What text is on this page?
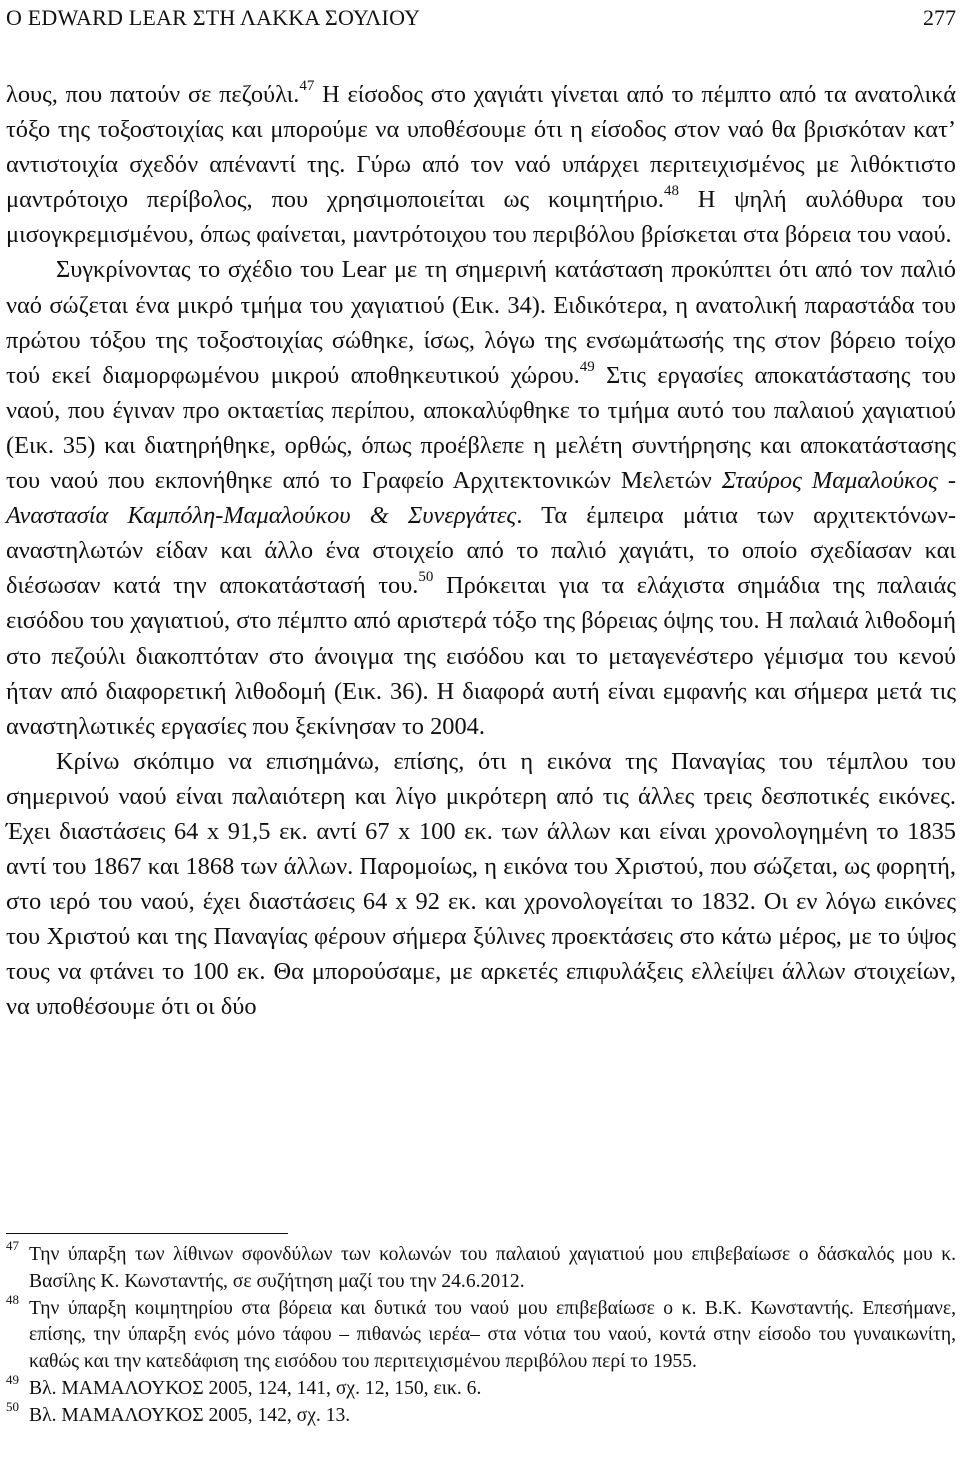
Ο EDWARD LEAR ΣΤΗ ΛΑΚΚΑ ΣΟΥΛΙΟΥ	277

λους, που πατούν σε πεζούλι.$^{47}$ Η είσοδος στο χαγιάτι γίνεται από το πέμπτο από τα ανατολικά τόξο της τοξοστοιχίας και μπορούμε να υποθέσουμε ότι η είσοδος στον ναό θα βρισκόταν κατ’ αντιστοιχία σχεδόν απέναντί της. Γύρω από τον ναό υπάρχει περιτειχισμένος με λιθόκτιστο μαντρότοιχο περίβολος, που χρησιμοποιείται ως κοιμητήριο.$^{48}$ Η ψηλή αυλόθυρα του μισογκρεμισμένου, όπως φαίνεται, μαντρότοιχου του περιβόλου βρίσκεται στα βόρεια του ναού.

Συγκρίνοντας το σχέδιο του Lear με τη σημερινή κατάσταση προκύπτει ότι από τον παλιό ναό σώζεται ένα μικρό τμήμα του χαγιατιού (Εικ. 34). Ειδικότερα, η ανατολική παραστάδα του πρώτου τόξου της τοξοστοιχίας σώθηκε, ίσως, λόγω της ενσωμάτωσής της στον βόρειο τοίχο τού εκεί διαμορφωμένου μικρού αποθηκευτικού χώρου.$^{49}$ Στις εργασίες αποκατάστασης του ναού, που έγιναν προ οκταετίας περίπου, αποκαλύφθηκε το τμήμα αυτό του παλαιού χαγιατιού (Εικ. 35) και διατηρήθηκε, ορθώς, όπως προέβλεπε η μελέτη συντήρησης και αποκατάστασης του ναού που εκπονήθηκε από το Γραφείο Αρχιτεκτονικών Μελετών Σταύρος Μαμαλούκος - Αναστασία Καμπόλη-Μαμαλούκου & Συνεργάτες. Τα έμπειρα μάτια των αρχιτεκτόνων-αναστηλωτών είδαν και άλλο ένα στοιχείο από το παλιό χαγιάτι, το οποίο σχεδίασαν και διέσωσαν κατά την αποκατάστασή του.$^{50}$ Πρόκειται για τα ελάχιστα σημάδια της παλαιάς εισόδου του χαγιατιού, στο πέμπτο από αριστερά τόξο της βόρειας όψης του. Η παλαιά λιθοδομή στο πεζούλι διακοπτόταν στο άνοιγμα της εισόδου και το μεταγενέστερο γέμισμα του κενού ήταν από διαφορετική λιθοδομή (Εικ. 36). Η διαφορά αυτή είναι εμφανής και σήμερα μετά τις αναστηλωτικές εργασίες που ξεκίνησαν το 2004.

Κρίνω σκόπιμο να επισημάνω, επίσης, ότι η εικόνα της Παναγίας του τέμπλου του σημερινού ναού είναι παλαιότερη και λίγο μικρότερη από τις άλλες τρεις δεσποτικές εικόνες. Έχει διαστάσεις 64 x 91,5 εκ. αντί 67 x 100 εκ. των άλλων και είναι χρονολογημένη το 1835 αντί του 1867 και 1868 των άλλων. Παρομοίως, η εικόνα του Χριστού, που σώζεται, ως φορητή, στο ιερό του ναού, έχει διαστάσεις 64 x 92 εκ. και χρονολογείται το 1832. Οι εν λόγω εικόνες του Χριστού και της Παναγίας φέρουν σήμερα ξύλινες προεκτάσεις στο κάτω μέρος, με το ύψος τους να φτάνει το 100 εκ. Θα μπορούσαμε, με αρκετές επιφυλάξεις ελλείψει άλλων στοιχείων, να υποθέσουμε ότι οι δύο

$^{47}$ Την ύπαρξη των λίθινων σφονδύλων των κολωνών του παλαιού χαγιατιού μου επιβεβαίωσε ο δάσκαλός μου κ. Βασίλης Κ. Κωνσταντής, σε συζήτηση μαζί του την 24.6.2012.

$^{48}$ Την ύπαρξη κοιμητηρίου στα βόρεια και δυτικά του ναού μου επιβεβαίωσε ο κ. Β.Κ. Κωνσταντής. Επεσήμανε, επίσης, την ύπαρξη ενός μόνο τάφου – πιθανώς ιερέα– στα νότια του ναού, κοντά στην είσοδο του γυναικωνίτη, καθώς και την κατεδάφιση της εισόδου του περιτειχισμένου περιβόλου περί το 1955.

$^{49}$ Βλ. ΜΑΜΑΛΟΥΚΟΣ 2005, 124, 141, σχ. 12, 150, εικ. 6.

$^{50}$ Βλ. ΜΑΜΑΛΟΥΚΟΣ 2005, 142, σχ. 13.
